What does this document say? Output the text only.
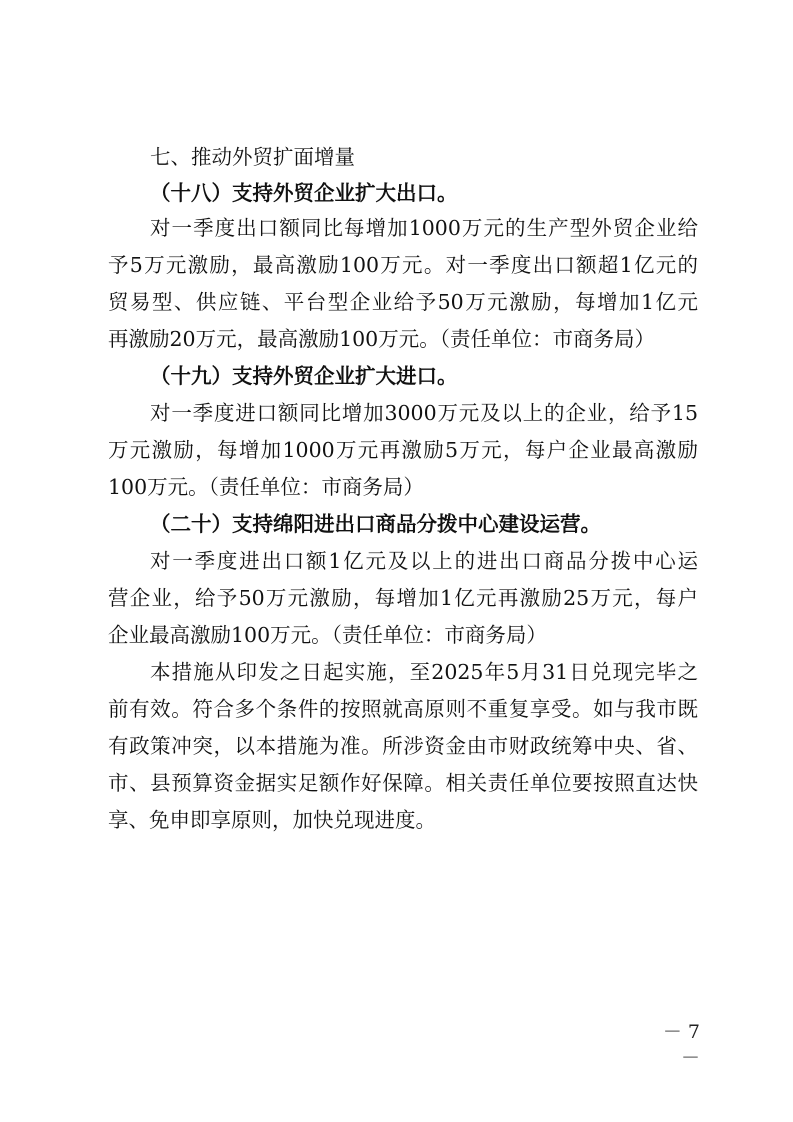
七、推动外贸扩面增量
（十八）支持外贸企业扩大出口。
对一季度出口额同比每增加1000万元的生产型外贸企业给
予5万元激励，最高激励100万元。对一季度出口额超1亿元的
贸易型、供应链、平台型企业给予50万元激励，每增加1亿元
再激励20万元，最高激励100万元。（责任单位：市商务局）
（十九）支持外贸企业扩大进口。
对一季度进口额同比增加3000万元及以上的企业，给予15
万元激励，每增加1000万元再激励5万元，每户企业最高激励
100万元。（责任单位：市商务局）
（二十）支持绵阳进出口商品分拨中心建设运营。
对一季度进出口额1亿元及以上的进出口商品分拨中心运
营企业，给予50万元激励，每增加1亿元再激励25万元，每户
企业最高激励100万元。（责任单位：市商务局）
本措施从印发之日起实施，至2025年5月31日兑现完毕之
前有效。符合多个条件的按照就高原则不重复享受。如与我市既
有政策冲突，以本措施为准。所涉资金由市财政统筹中央、省、
市、县预算资金据实足额作好保障。相关责任单位要按照直达快
享、免申即享原则，加快兑现进度。
－ 7 －
